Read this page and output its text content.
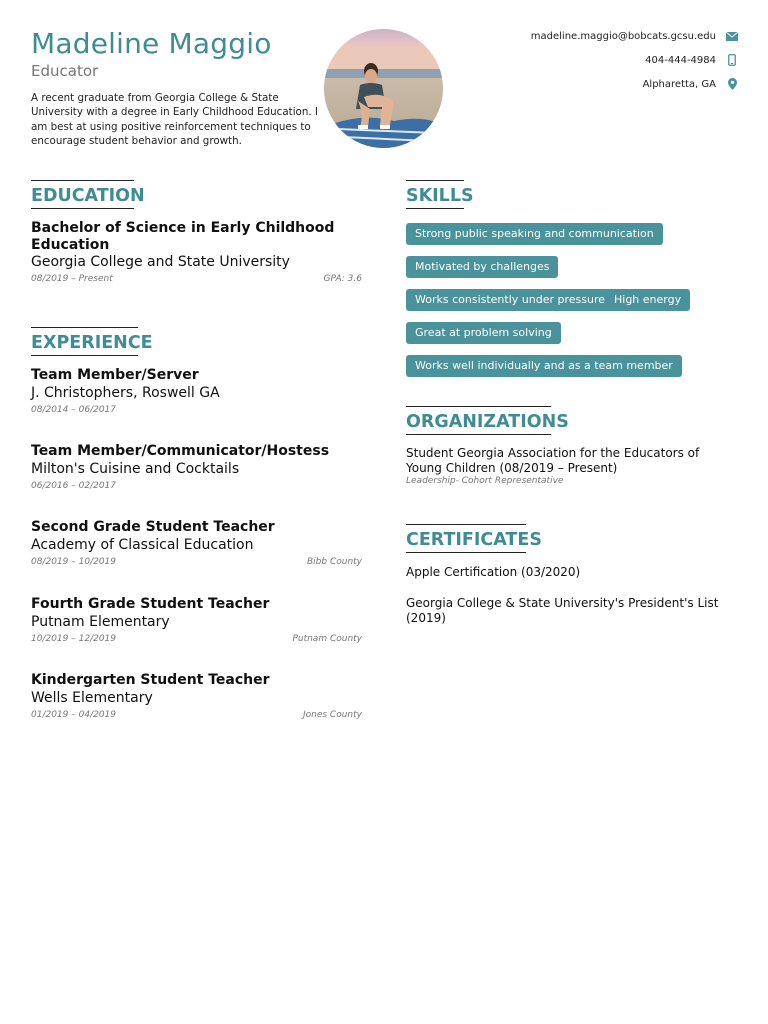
Madeline Maggio
Educator
A recent graduate from Georgia College & State University with a degree in Early Childhood Education. I am best at using positive reinforcement techniques to encourage student behavior and growth.
madeline.maggio@bobcats.gcsu.edu
404-444-4984
Alpharetta, GA
EDUCATION
Bachelor of Science in Early Childhood Education
Georgia College and State University
08/2019 – Present	GPA: 3.6
EXPERIENCE
Team Member/Server
J. Christophers, Roswell GA
08/2014 – 06/2017
Team Member/Communicator/Hostess
Milton's Cuisine and Cocktails
06/2016 – 02/2017
Second Grade Student Teacher
Academy of Classical Education
08/2019 – 10/2019	Bibb County
Fourth Grade Student Teacher
Putnam Elementary
10/2019 – 12/2019	Putnam County
Kindergarten Student Teacher
Wells Elementary
01/2019 – 04/2019	Jones County
SKILLS
Strong public speaking and communication
Motivated by challenges
Works consistently under pressure High energy
Great at problem solving
Works well individually and as a team member
ORGANIZATIONS
Student Georgia Association for the Educators of Young Children (08/2019 – Present)
Leadership- Cohort Representative
CERTIFICATES
Apple Certification (03/2020)
Georgia College & State University's President's List (2019)
